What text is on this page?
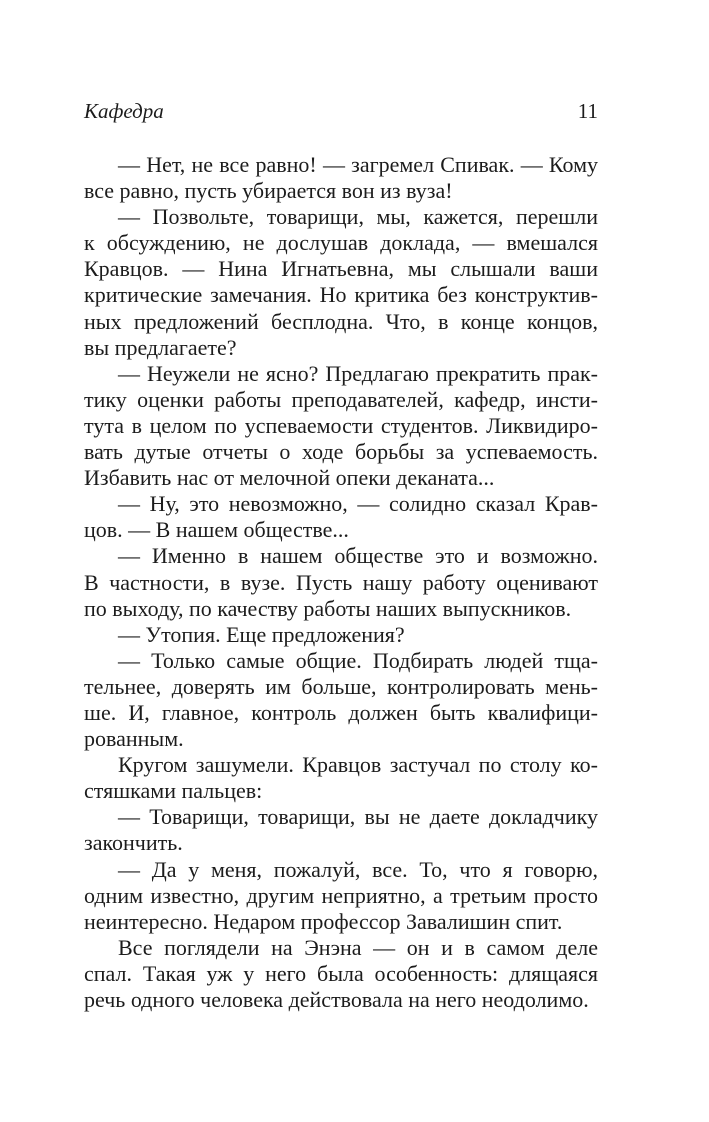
Кафедра	11
— Нет, не все равно! — загремел Спивак. — Кому
все равно, пусть убирается вон из вуза!
— Позвольте, товарищи, мы, кажется, перешли
к обсуждению, не дослушав доклада, — вмешался
Кравцов. — Нина Игнатьевна, мы слышали ваши
критические замечания. Но критика без конструктив-
ных предложений бесплодна. Что, в конце концов,
вы предлагаете?
— Неужели не ясно? Предлагаю прекратить прак-
тику оценки работы преподавателей, кафедр, инсти-
тута в целом по успеваемости студентов. Ликвидиро-
вать дутые отчеты о ходе борьбы за успеваемость.
Избавить нас от мелочной опеки деканата...
— Ну, это невозможно, — солидно сказал Крав-
цов. — В нашем обществе...
— Именно в нашем обществе это и возможно.
В частности, в вузе. Пусть нашу работу оценивают
по выходу, по качеству работы наших выпускников.
— Утопия. Еще предложения?
— Только самые общие. Подбирать людей тща-
тельнее, доверять им больше, контролировать мень-
ше. И, главное, контроль должен быть квалифици-
рованным.
Кругом зашумели. Кравцов застучал по столу ко-
стяшками пальцев:
— Товарищи, товарищи, вы не даете докладчику
закончить.
— Да у меня, пожалуй, все. То, что я говорю,
одним известно, другим неприятно, а третьим просто
неинтересно. Недаром профессор Завалишин спит.
Все поглядели на Энэна — он и в самом деле
спал. Такая уж у него была особенность: длящаяся
речь одного человека действовала на него неодолимо.
